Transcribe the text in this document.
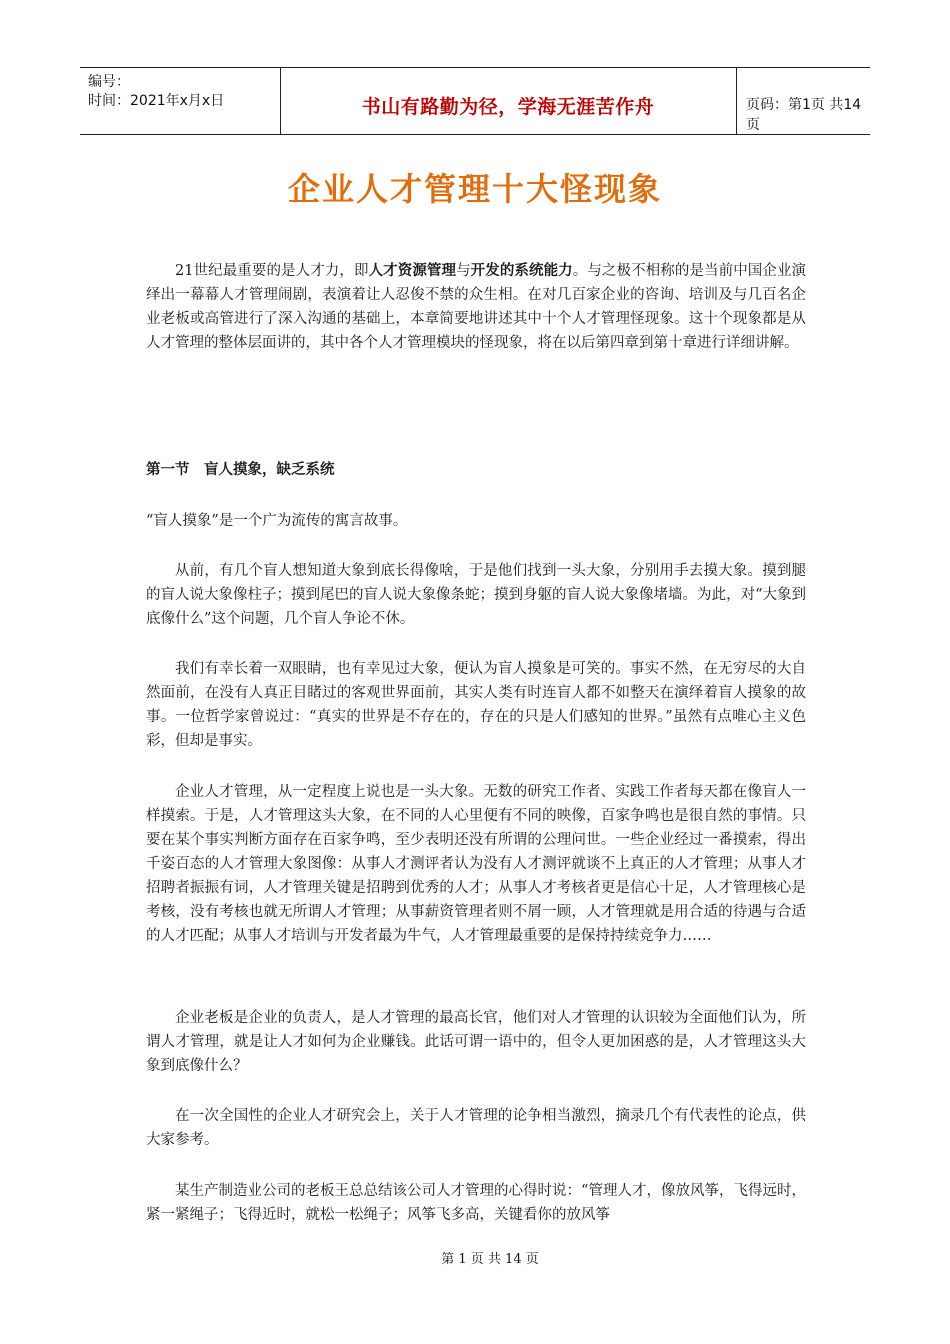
编号：
时间：2021年x月x日	书山有路勤为径，学海无涯苦作舟	页码：第1页 共14页
企业人才管理十大怪现象

21世纪最重要的是人才力，即人才资源管理与开发的系统能力。与之极不相称的是当前中国企业演绎出一幕幕人才管理闹剧，表演着让人忍俊不禁的众生相。在对几百家企业的咨询、培训及与几百名企业老板或高管进行了深入沟通的基础上，本章简要地讲述其中十个人才管理怪现象。这十个现象都是从人才管理的整体层面讲的，其中各个人才管理模块的怪现象，将在以后第四章到第十章进行详细讲解。

第一节　盲人摸象，缺乏系统

“盲人摸象”是一个广为流传的寓言故事。

从前，有几个盲人想知道大象到底长得像啥，于是他们找到一头大象，分别用手去摸大象。摸到腿的盲人说大象像柱子；摸到尾巴的盲人说大象像条蛇；摸到身躯的盲人说大象像堵墙。为此，对“大象到底像什么”这个问题，几个盲人争论不休。

我们有幸长着一双眼睛，也有幸见过大象，便认为盲人摸象是可笑的。事实不然，在无穷尽的大自然面前，在没有人真正目睹过的客观世界面前，其实人类有时连盲人都不如整天在演绎着盲人摸象的故事。一位哲学家曾说过：“真实的世界是不存在的，存在的只是人们感知的世界。”虽然有点唯心主义色彩，但却是事实。

企业人才管理，从一定程度上说也是一头大象。无数的研究工作者、实践工作者每天都在像盲人一样摸索。于是，人才管理这头大象，在不同的人心里便有不同的映像，百家争鸣也是很自然的事情。只要在某个事实判断方面存在百家争鸣，至少表明还没有所谓的公理问世。一些企业经过一番摸索，得出千姿百态的人才管理大象图像：从事人才测评者认为没有人才测评就谈不上真正的人才管理；从事人才招聘者振振有词，人才管理关键是招聘到优秀的人才；从事人才考核者更是信心十足，人才管理核心是考核，没有考核也就无所谓人才管理；从事薪资管理者则不屑一顾，人才管理就是用合适的待遇与合适的人才匹配；从事人才培训与开发者最为牛气，人才管理最重要的是保持持续竞争力……

企业老板是企业的负责人，是人才管理的最高长官，他们对人才管理的认识较为全面他们认为，所谓人才管理，就是让人才如何为企业赚钱。此话可谓一语中的，但令人更加困惑的是，人才管理这头大象到底像什么？

在一次全国性的企业人才研究会上，关于人才管理的论争相当激烈，摘录几个有代表性的论点，供大家参考。

某生产制造业公司的老板王总总结该公司人才管理的心得时说：“管理人才，像放风筝，飞得远时，紧一紧绳子；飞得近时，就松一松绳子；风筝飞多高，关键看你的放风筝

第 1 页 共 14 页
